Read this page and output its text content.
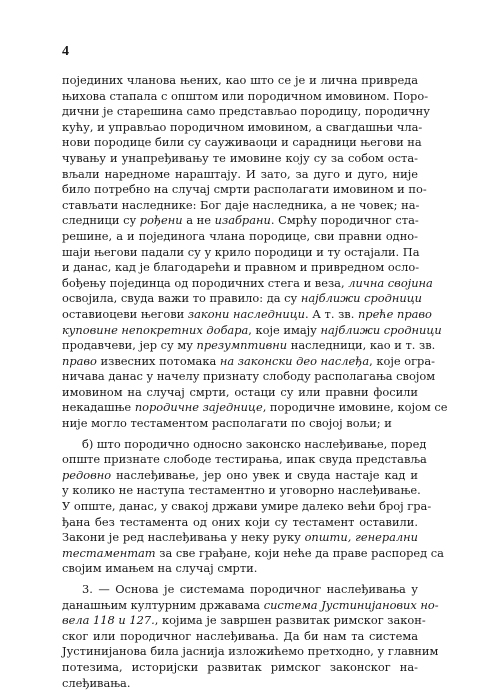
4
појединих чланова њених, као што се је и лична привреда
њихова стапала с општом или породичном имовином. Поро-
дични је старешина само представљао породицу, породичну
кућу, и управљао породичном имовином, а свагдашњи чла-
нови породице били су сауживаоци и сарадници његови на
чувању и унапређивању те имовине коју су за собом оста-
вљали наредноме нараштају. И зато, за дуго и дуго, није
било потребно на случај смрти располагати имовином и по-
стављати наследнике: Бог даје наследника, а не човек; на-
следници су рођени а не изабрани. Смрћу породичног ста-
решине, а и појединога члана породице, сви правни одно-
шаји његови падали су у крило породици и ту остајали. Па
и данас, кад је благодарећи и правном и привредном осло-
бођењу појединца од породичних стега и веза, лична својина
освојила, свуда важи то правило: да су најближи сродници
оставиоцеви његови закони наследници. А т. зв. преће право
куповине непокретних добара, које имају најближи сродници
продавчеви, јер су му презумптивни наследници, као и т. зв.
право извесних потомака на законски део наслеђа, које огра-
ничава данас у начелу признату слободу располагања својом
имовином на случај смрти, остаци су или правни фосили
некадашње породичне заједнице, породичне имовине, којом се
није могло тестаментом располагати по својој вољи; и
б) што породично односно законско наслеђивање, поред
опште признате слободе тестирања, ипак свуда представља
редовно наслеђивање, јер оно увек и свуда настаје кад и
у колико не наступа тестаментно и уговорно наслеђивање.
У опште, данас, у свакој држави умире далеко већи број гра-
ђана без тестамента од оних који су тестамент оставили.
Закони је ред наслеђивања у неку руку општи, генерални
тестаментат за све грађане, који неће да праве распоред са
својим имањем на случај смрти.
3. — Основа је системама породичног наслеђивања у
данашњим културним државама система Јустинијанових но-
вела 118 и 127., којима је завршен развитак римског закон-
ског или породичног наслеђивања. Да би нам та система
Јустинијанова била јаснија изложићемо претходно, у главним
потезима, историјски развитак римског законског на-
слеђивања.
